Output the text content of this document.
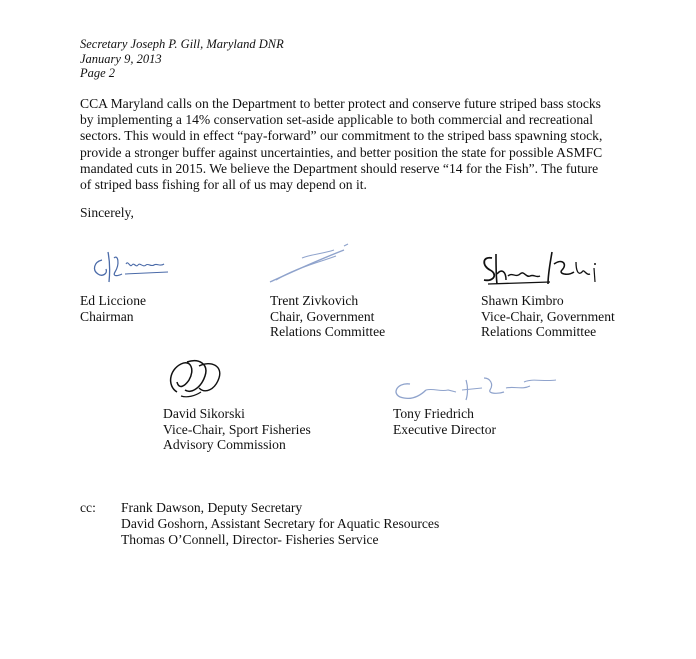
Secretary Joseph P. Gill, Maryland DNR
January 9, 2013
Page 2
CCA Maryland calls on the Department to better protect and conserve future striped bass stocks
by implementing a 14% conservation set-aside applicable to both commercial and recreational
sectors. This would in effect “pay-forward” our commitment to the striped bass spawning stock,
provide a stronger buffer against uncertainties, and better position the state for possible ASMFC
mandated cuts in 2015. We believe the Department should reserve “14 for the Fish”. The future
of striped bass fishing for all of us may depend on it.
Sincerely,
Ed Liccione
Chairman
Trent Zivkovich
Chair, Government
Relations Committee
Shawn Kimbro
Vice-Chair, Government
Relations Committee
David Sikorski
Vice-Chair, Sport Fisheries
Advisory Commission
Tony Friedrich
Executive Director
cc: Frank Dawson, Deputy Secretary
David Goshorn, Assistant Secretary for Aquatic Resources
Thomas O’Connell, Director- Fisheries Service
